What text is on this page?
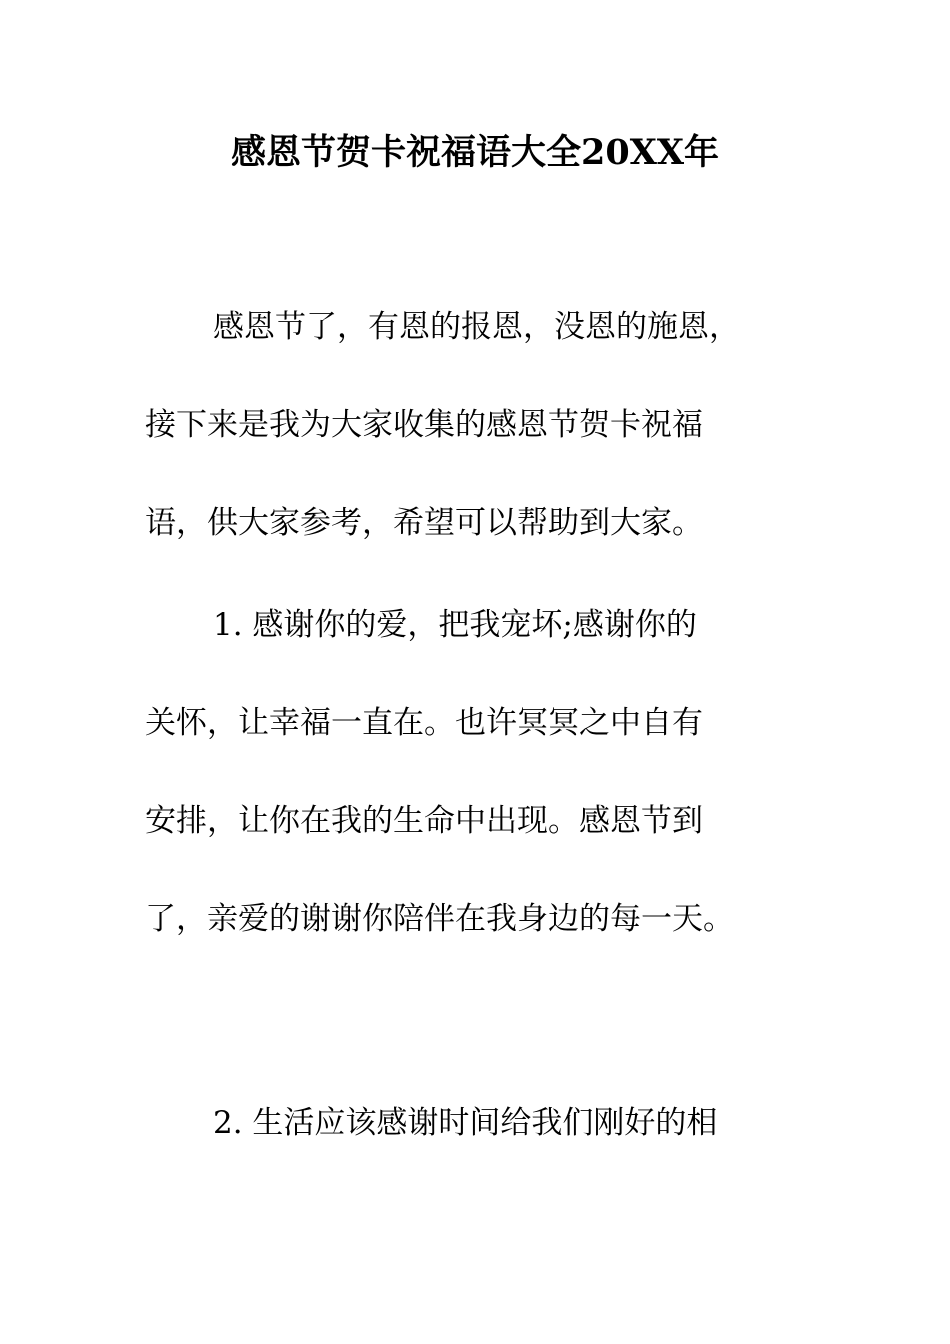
感恩节贺卡祝福语大全20XX年
感恩节了，有恩的报恩，没恩的施恩，
接下来是我为大家收集的感恩节贺卡祝福
语，供大家参考，希望可以帮助到大家。
1. 感谢你的爱，把我宠坏;感谢你的
关怀，让幸福一直在。也许冥冥之中自有
安排，让你在我的生命中出现。感恩节到
了，亲爱的谢谢你陪伴在我身边的每一天。
2. 生活应该感谢时间给我们刚好的相
